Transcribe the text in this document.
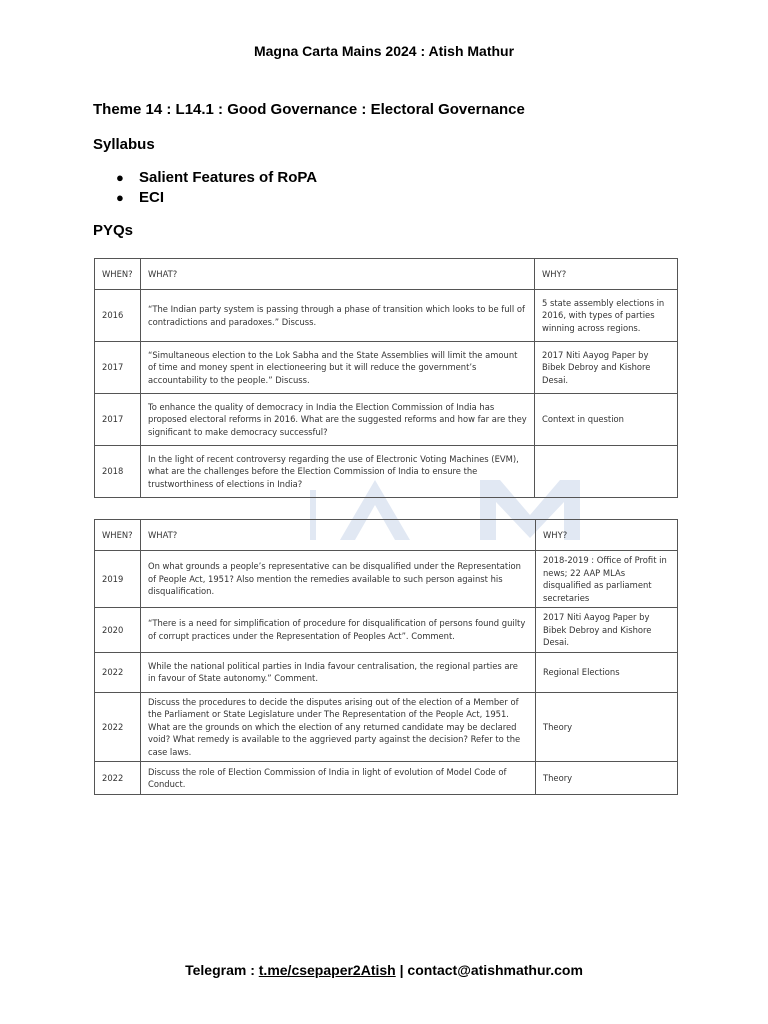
Magna Carta Mains 2024 : Atish Mathur
Theme 14 : L14.1 : Good Governance : Electoral Governance
Syllabus
●	Salient Features of RoPA
●	ECI
PYQs
WHEN?	WHAT?	WHY?
2016	“The Indian party system is passing through a phase of transition which looks to be full of contradictions and paradoxes.” Discuss.	5 state assembly elections in 2016, with types of parties winning across regions.
2017	“Simultaneous election to the Lok Sabha and the State Assemblies will limit the amount of time and money spent in electioneering but it will reduce the government’s accountability to the people.” Discuss.	2017 Niti Aayog Paper by Bibek Debroy and Kishore Desai.
2017	To enhance the quality of democracy in India the Election Commission of India has proposed electoral reforms in 2016. What are the suggested reforms and how far are they significant to make democracy successful?	Context in question
2018	In the light of recent controversy regarding the use of Electronic Voting Machines (EVM), what are the challenges before the Election Commission of India to ensure the trustworthiness of elections in India?	
WHEN?	WHAT?	WHY?
2019	On what grounds a people’s representative can be disqualified under the Representation of People Act, 1951? Also mention the remedies available to such person against his disqualification.	2018-2019 : Office of Profit in news; 22 AAP MLAs disqualified as parliament secretaries
2020	“There is a need for simplification of procedure for disqualification of persons found guilty of corrupt practices under the Representation of Peoples Act”. Comment.	2017 Niti Aayog Paper by Bibek Debroy and Kishore Desai.
2022	While the national political parties in India favour centralisation, the regional parties are in favour of State autonomy.” Comment.	Regional Elections
2022	Discuss the procedures to decide the disputes arising out of the election of a Member of the Parliament or State Legislature under The Representation of the People Act, 1951. What are the grounds on which the election of any returned candidate may be declared void? What remedy is available to the aggrieved party against the decision? Refer to the case laws.	Theory
2022	Discuss the role of Election Commission of India in light of evolution of Model Code of Conduct.	Theory
Telegram : t.me/csepaper2Atish | contact@atishmathur.com
